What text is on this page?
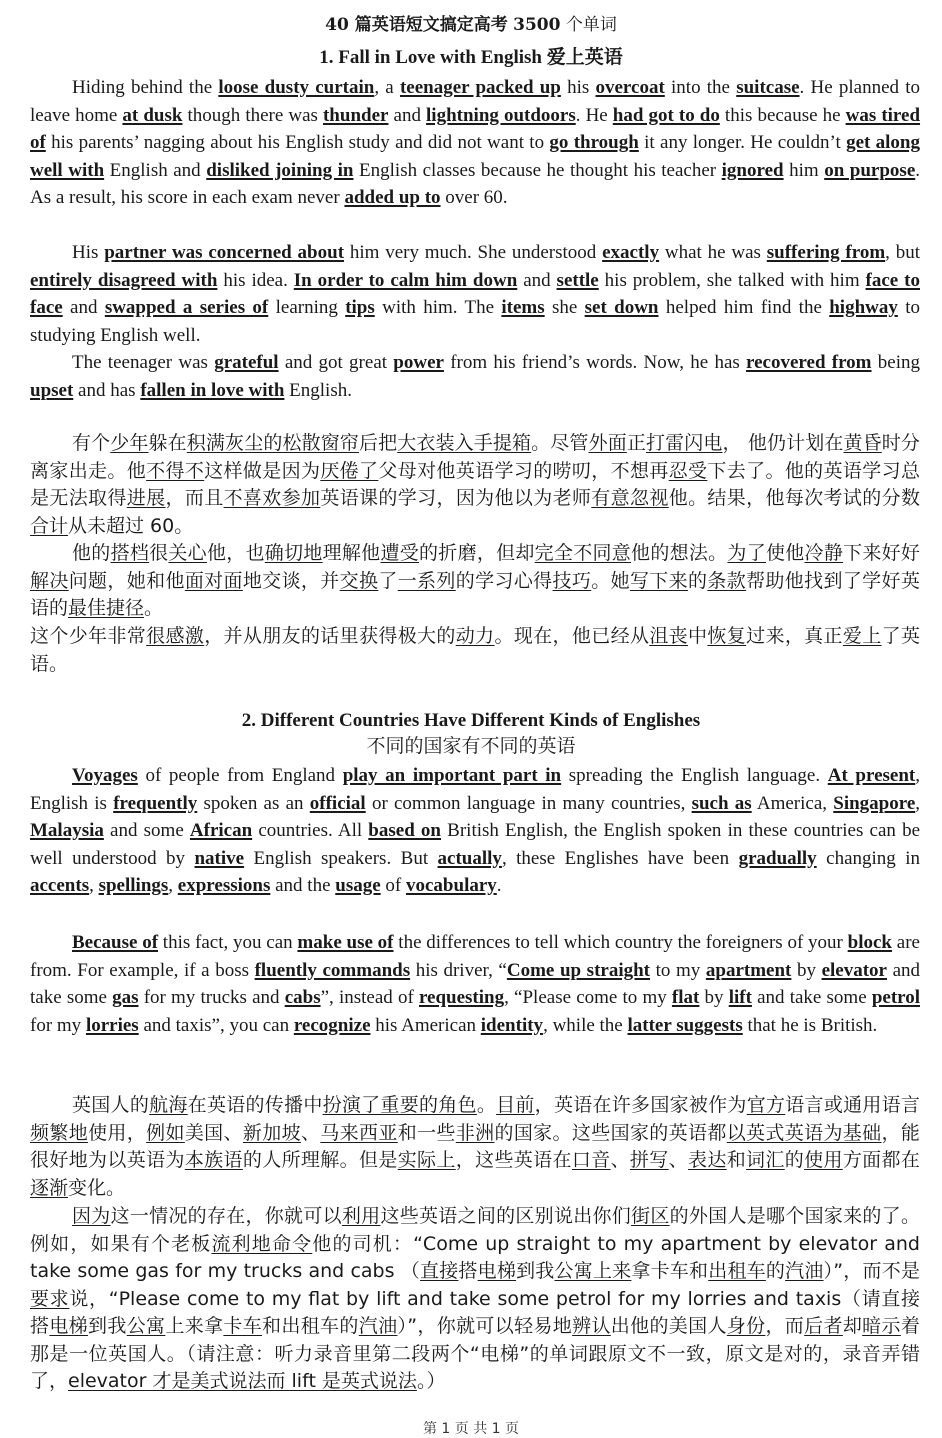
40 篇英语短文搞定高考 3500 个单词
1. Fall in Love with English 爱上英语

Hiding behind the loose dusty curtain, a teenager packed up his overcoat into the suitcase. He planned to leave home at dusk though there was thunder and lightning outdoors. He had got to do this because he was tired of his parents’ nagging about his English study and did not want to go through it any longer. He couldn’t get along well with English and disliked joining in English classes because he thought his teacher ignored him on purpose. As a result, his score in each exam never added up to over 60.

His partner was concerned about him very much. She understood exactly what he was suffering from, but entirely disagreed with his idea. In order to calm him down and settle his problem, she talked with him face to face and swapped a series of learning tips with him. The items she set down helped him find the highway to studying English well.

The teenager was grateful and got great power from his friend’s words. Now, he has recovered from being upset and has fallen in love with English.

有个少年躲在积满灰尘的松散窗帘后把大衣装入手提箱。尽管外面正打雷闪电， 他仍计划在黄昏时分离家出走。他不得不这样做是因为厌倦了父母对他英语学习的唠叨，不想再忍受下去了。他的英语学习总是无法取得进展，而且不喜欢参加英语课的学习，因为他以为老师有意忽视他。结果，他每次考试的分数合计从未超过 60。

他的搭档很关心他，也确切地理解他遭受的折磨，但却完全不同意他的想法。为了使他冷静下来好好解决问题，她和他面对面地交谈，并交换了一系列的学习心得技巧。她写下来的条款帮助他找到了学好英语的最佳捷径。

这个少年非常很感激，并从朋友的话里获得极大的动力。现在，他已经从沮丧中恢复过来，真正爱上了英语。

2. Different Countries Have Different Kinds of Englishes
不同的国家有不同的英语

Voyages of people from England play an important part in spreading the English language. At present, English is frequently spoken as an official or common language in many countries, such as America, Singapore, Malaysia and some African countries. All based on British English, the English spoken in these countries can be well understood by native English speakers. But actually, these Englishes have been gradually changing in accents, spellings, expressions and the usage of vocabulary.

Because of this fact, you can make use of the differences to tell which country the foreigners of your block are from. For example, if a boss fluently commands his driver, “Come up straight to my apartment by elevator and take some gas for my trucks and cabs”, instead of requesting, “Please come to my flat by lift and take some petrol for my lorries and taxis”, you can recognize his American identity, while the latter suggests that he is British.

英国人的航海在英语的传播中扮演了重要的角色。目前，英语在许多国家被作为官方语言或通用语言频繁地使用，例如美国、新加坡、马来西亚和一些非洲的国家。这些国家的英语都以英式英语为基础，能很好地为以英语为本族语的人所理解。但是实际上，这些英语在口音、拼写、表达和词汇的使用方面都在逐渐变化。

因为这一情况的存在，你就可以利用这些英语之间的区别说出你们街区的外国人是哪个国家来的了。例如，如果有个老板流利地命令他的司机：“Come up straight to my apartment by elevator and take some gas for my trucks and cabs （直接搭电梯到我公寓上来拿卡车和出租车的汽油）”，而不是要求说，“Please come to my flat by lift and take some petrol for my lorries and taxis（请直接搭电梯到我公寓上来拿卡车和出租车的汽油）”，你就可以轻易地辨认出他的美国人身份，而后者却暗示着那是一位英国人。（请注意：听力录音里第二段两个“电梯”的单词跟原文不一致，原文是对的，录音弄错了，elevator 才是美式说法而 lift 是英式说法。）

第 1 页 共 1 页
